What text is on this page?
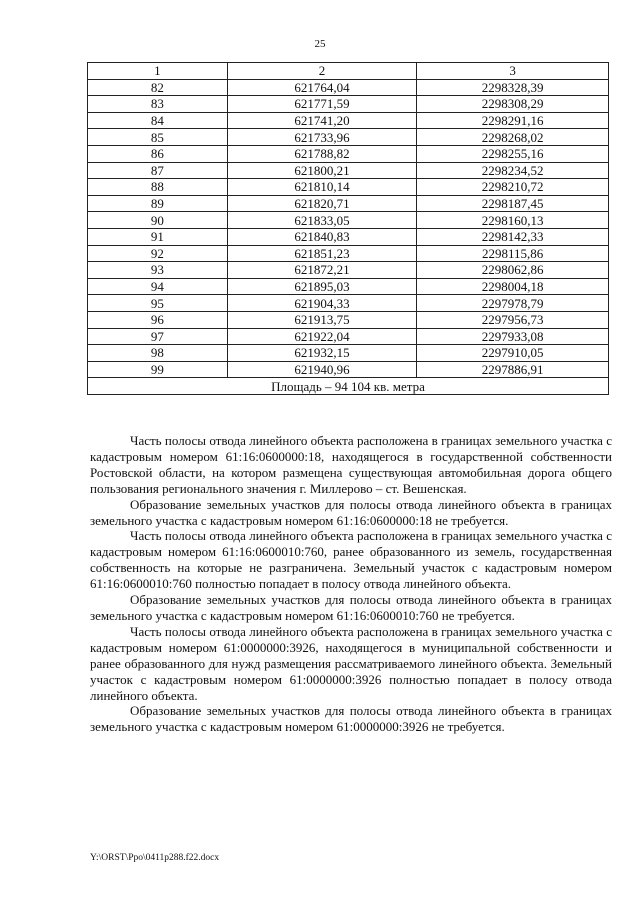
25
1	2	3
82	621764,04	2298328,39
83	621771,59	2298308,29
84	621741,20	2298291,16
85	621733,96	2298268,02
86	621788,82	2298255,16
87	621800,21	2298234,52
88	621810,14	2298210,72
89	621820,71	2298187,45
90	621833,05	2298160,13
91	621840,83	2298142,33
92	621851,23	2298115,86
93	621872,21	2298062,86
94	621895,03	2298004,18
95	621904,33	2297978,79
96	621913,75	2297956,73
97	621922,04	2297933,08
98	621932,15	2297910,05
99	621940,96	2297886,91
Площадь – 94 104 кв. метра		

Часть полосы отвода линейного объекта расположена в границах земельного участка с кадастровым номером 61:16:0600000:18, находящегося в государственной собственности Ростовской области, на котором размещена существующая автомобильная дорога общего пользования регионального значения г. Миллерово – ст. Вешенская.

Образование земельных участков для полосы отвода линейного объекта в границах земельного участка с кадастровым номером 61:16:0600000:18 не требуется.

Часть полосы отвода линейного объекта расположена в границах земельного участка с кадастровым номером 61:16:0600010:760, ранее образованного из земель, государственная собственность на которые не разграничена. Земельный участок с кадастровым номером 61:16:0600010:760 полностью попадает в полосу отвода линейного объекта.

Образование земельных участков для полосы отвода линейного объекта в границах земельного участка с кадастровым номером 61:16:0600010:760 не требуется.

Часть полосы отвода линейного объекта расположена в границах земельного участка с кадастровым номером 61:0000000:3926, находящегося в муниципальной собственности и ранее образованного для нужд размещения рассматриваемого линейного объекта. Земельный участок с кадастровым номером 61:0000000:3926 полностью попадает в полосу отвода линейного объекта.

Образование земельных участков для полосы отвода линейного объекта в границах земельного участка с кадастровым номером 61:0000000:3926 не требуется.

Y:\ORST\Ppo\0411p288.f22.docx
